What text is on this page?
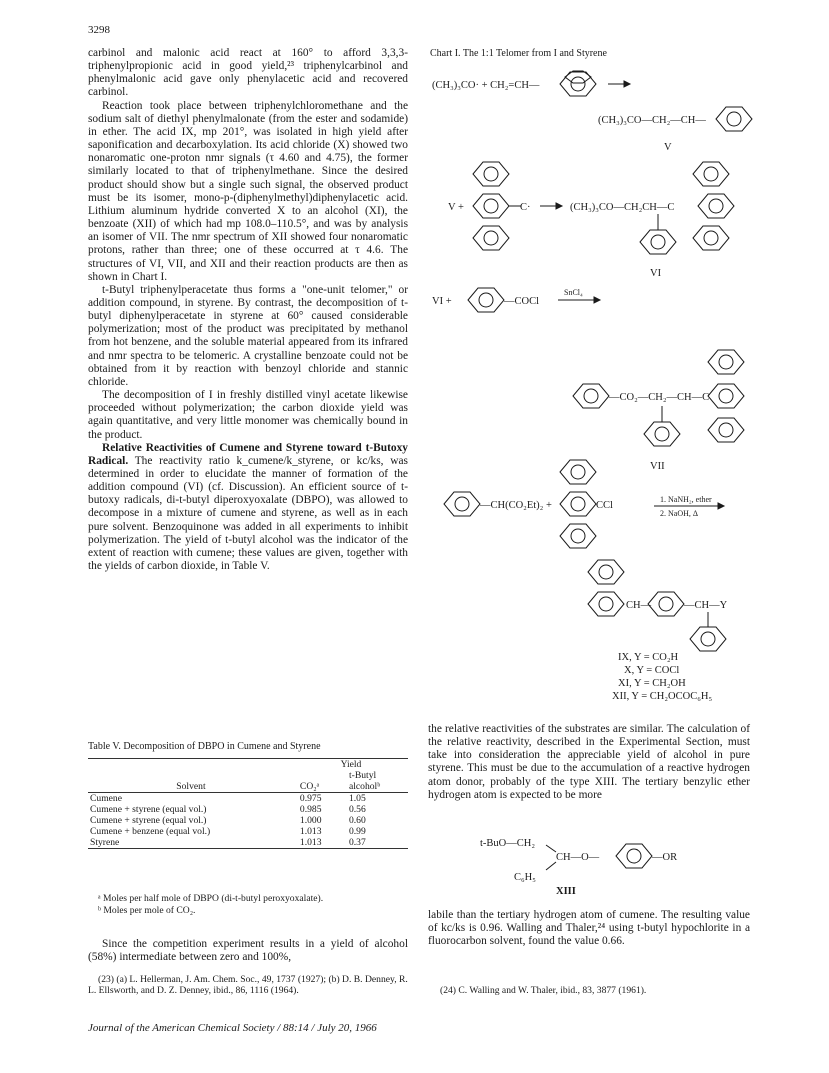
3298

carbinol and malonic acid react at 160° to afford 3,3,3-triphenylpropionic acid in good yield,²³ triphenylcarbinol and phenylmalonic acid gave only phenylacetic acid and recovered carbinol.

Reaction took place between triphenylchloromethane and the sodium salt of diethyl phenylmalonate (from the ester and sodamide) in ether. The acid IX, mp 201°, was isolated in high yield after saponification and decarboxylation. Its acid chloride (X) showed two nonaromatic one-proton nmr signals (τ 4.60 and 4.75), the former similarly located to that of triphenylmethane. Since the desired product should show but a single such signal, the observed product must be its isomer, mono-p-(diphenylmethyl)diphenylacetic acid. Lithium aluminum hydride converted X to an alcohol (XI), the benzoate (XII) of which had mp 108.0–110.5°, and was by analysis an isomer of VII. The nmr spectrum of XII showed four nonaromatic protons, rather than three; one of these occurred at τ 4.6. The structures of VI, VII, and XII and their reaction products are then as shown in Chart I.

t-Butyl triphenylperacetate thus forms a "one-unit telomer," or addition compound, in styrene. By contrast, the decomposition of t-butyl diphenylperacetate in styrene at 60° caused considerable polymerization; most of the product was precipitated by methanol from hot benzene, and the soluble material appeared from its infrared and nmr spectra to be telomeric. A crystalline benzoate could not be obtained from it by reaction with benzoyl chloride and stannic chloride.

The decomposition of I in freshly distilled vinyl acetate likewise proceeded without polymerization; the carbon dioxide yield was again quantitative, and very little monomer was chemically bound in the product.

Relative Reactivities of Cumene and Styrene toward t-Butoxy Radical. The reactivity ratio k_cumene/k_styrene, or kc/ks, was determined in order to elucidate the manner of formation of the addition compound (VI) (cf. Discussion). An efficient source of t-butoxy radicals, di-t-butyl diperoxyoxalate (DBPO), was allowed to decompose in a mixture of cumene and styrene, as well as in each pure solvent. Benzoquinone was added in all experiments to inhibit polymerization. The yield of t-butyl alcohol was the indicator of the extent of reaction with cumene; these values are given, together with the yields of carbon dioxide, in Table V.

Table V. Decomposition of DBPO in Cumene and Styrene
	Yield	
		t-Butyl
Solvent	CO₂ᵃ	alcoholᵇ
Cumene	0.975	1.05
Cumene + styrene (equal vol.)	0.985	0.56
Cumene + styrene (equal vol.)	1.000	0.60
Cumene + benzene (equal vol.)	1.013	0.99
Styrene	1.013	0.37
ᵃ Moles per half mole of DBPO (di-t-butyl peroxyoxalate).
ᵇ Moles per mole of CO₂.

Since the competition experiment results in a yield of alcohol (58%) intermediate between zero and 100%,

(23) (a) L. Hellerman, J. Am. Chem. Soc., 49, 1737 (1927); (b) D. B. Denney, R. L. Ellsworth, and D. Z. Denney, ibid., 86, 1116 (1964).
Chart I. The 1:1 Telomer from I and Styrene
(CH₃)₃CO· + CH₂=CH—
(CH₃)₃CO—CH₂—CH—
V
V +	C·	(CH₃)₃CO—CH₂CH—C
VI
VI +	—COCl
SnCl₄
—CO₂—CH₂—CH—C
VII
—CH(CO₂Et)₂ +	CCl
1. NaNH₂, ether
2. NaOH, Δ
CH—	—CH—Y
IX, Y = CO₂H
X, Y = COCl
XI, Y = CH₂OH
XII, Y = CH₂OCOC₆H₅
the relative reactivities of the substrates are similar. The calculation of the relative reactivity, described in the Experimental Section, must take into consideration the appreciable yield of alcohol in pure styrene. This must be due to the accumulation of a reactive hydrogen atom donor, probably of the type XIII. The tertiary benzylic ether hydrogen atom is expected to be more
t-BuO—CH₂
CH—O—	—OR
C₆H₅
XIII
labile than the tertiary hydrogen atom of cumene. The resulting value of kc/ks is 0.96. Walling and Thaler,²⁴ using t-butyl hypochlorite in a fluorocarbon solvent, found the value 0.66.
(24) C. Walling and W. Thaler, ibid., 83, 3877 (1961).
Journal of the American Chemical Society / 88:14 / July 20, 1966
